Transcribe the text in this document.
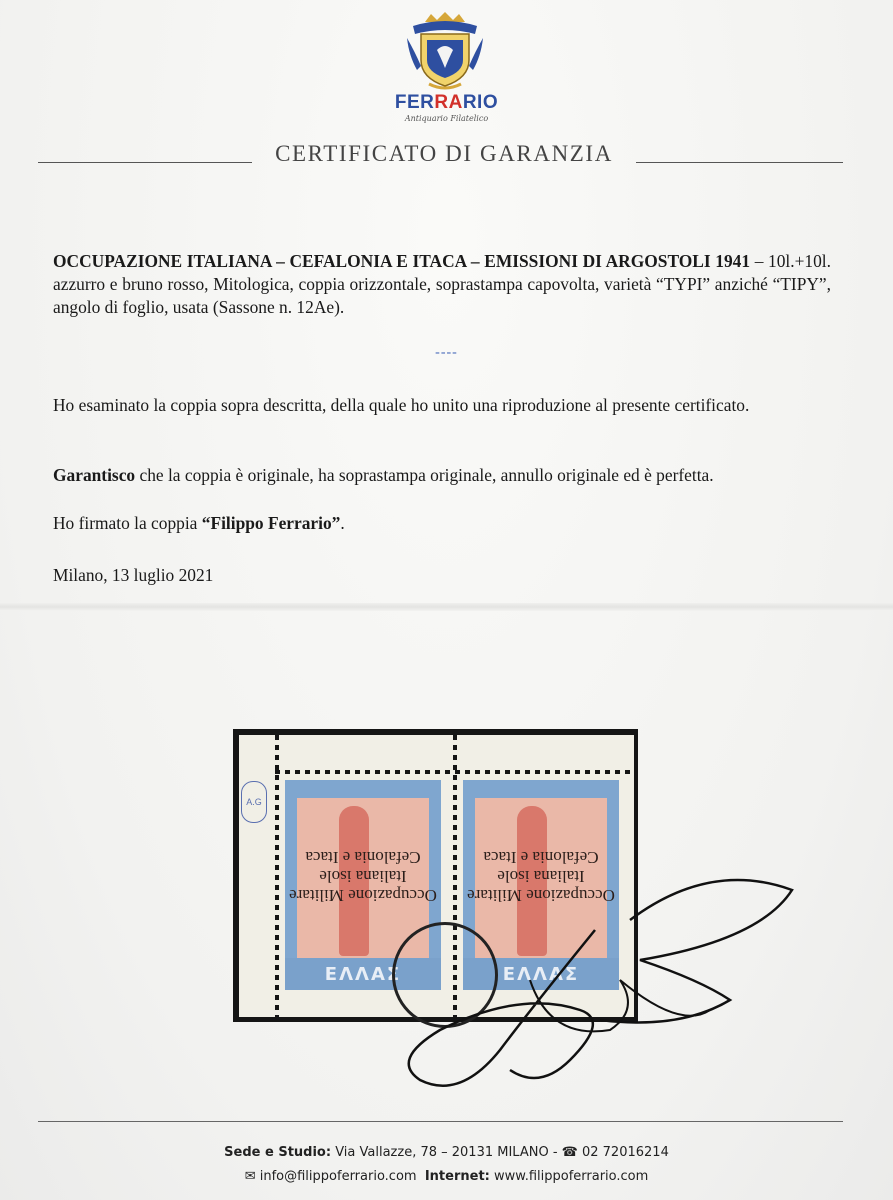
FERRARIO
Antiquario Filatelico
CERTIFICATO DI GARANZIA
OCCUPAZIONE ITALIANA – CEFALONIA E ITACA – EMISSIONI DI ARGOSTOLI 1941 – 10l.+10l. azzurro e bruno rosso, Mitologica, coppia orizzontale, soprastampa capovolta, varietà “TYPI” anziché “TIPY”, angolo di foglio, usata (Sassone n. 12Ae).
----
Ho esaminato la coppia sopra descritta, della quale ho unito una riproduzione al presente certificato.
Garantisco che la coppia è originale, ha soprastampa originale, annullo originale ed è perfetta.
Ho firmato la coppia “Filippo Ferrario”.
Milano, 13 luglio 2021
ΕΛΛΑΣ	ΕΛΛΑΣ
Occupazione Militare
Italiana isole
Cefalonia e Itaca
Occupazione Militare
Italiana isole
Cefalonia e Itaca
A.G
Sede e Studio: Via Vallazze, 78 – 20131 MILANO - ☎ 02 72016214
✉ info@filippoferrario.com Internet: www.filippoferrario.com
